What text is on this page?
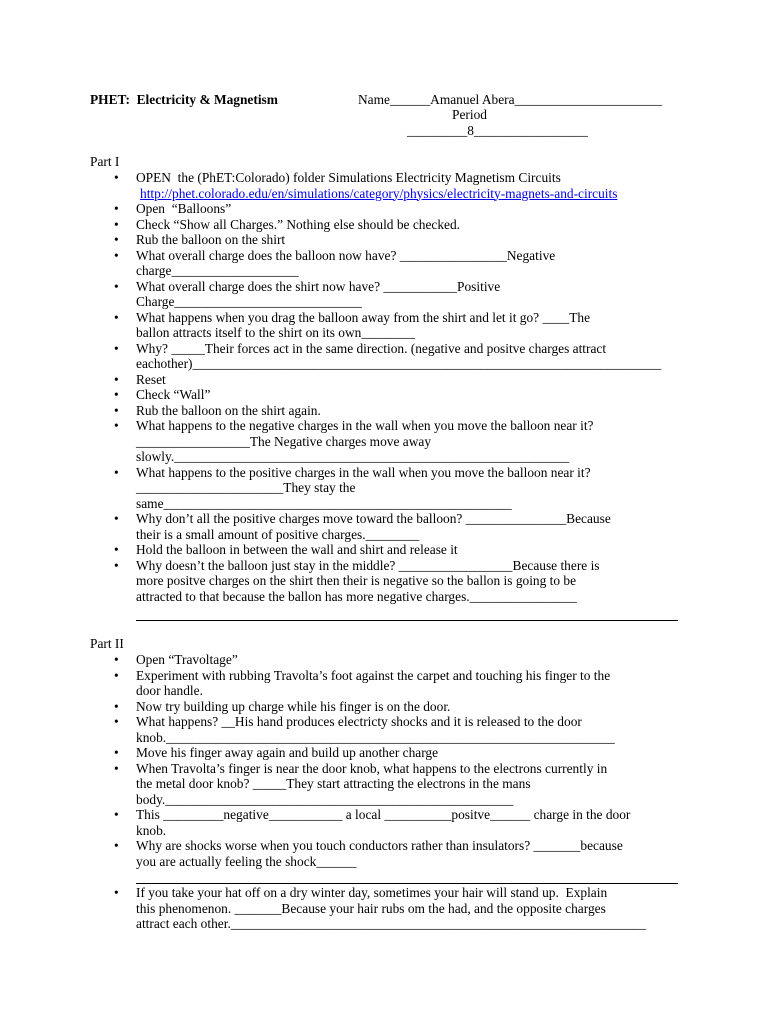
PHET:  Electricity & Magnetism	Name______Amanuel Abera______________________
Period
_________8_________________
Part I
• OPEN  the (PhET:Colorado) folder Simulations Electricity Magnetism Circuits
http://phet.colorado.edu/en/simulations/category/physics/electricity-magnets-and-circuits
• Open  “Balloons”
• Check “Show all Charges.” Nothing else should be checked.
• Rub the balloon on the shirt
• What overall charge does the balloon now have? ________________Negative
charge___________________
• What overall charge does the shirt now have? ___________Positive
Charge____________________________
• What happens when you drag the balloon away from the shirt and let it go? ____The
ballon attracts itself to the shirt on its own________
• Why? _____Their forces act in the same direction. (negative and positve charges attract
eachother)______________________________________________________________________
• Reset
• Check “Wall”
• Rub the balloon on the shirt again.
• What happens to the negative charges in the wall when you move the balloon near it?
_________________The Negative charges move away
slowly.___________________________________________________________
• What happens to the positive charges in the wall when you move the balloon near it?
______________________They stay the
same____________________________________________________
• Why don’t all the positive charges move toward the balloon? _______________Because
their is a small amount of positive charges.________
• Hold the balloon in between the wall and shirt and release it
• Why doesn’t the balloon just stay in the middle? _________________Because there is
more positve charges on the shirt then their is negative so the ballon is going to be
attracted to that because the ballon has more negative charges.________________
Part II
• Open “Travoltage”
• Experiment with rubbing Travolta’s foot against the carpet and touching his finger to the
door handle.
• Now try building up charge while his finger is on the door.
• What happens? __His hand produces electricty shocks and it is released to the door
knob.___________________________________________________________________
• Move his finger away again and build up another charge
• When Travolta’s finger is near the door knob, what happens to the electrons currently in
the metal door knob? _____They start attracting the electrons in the mans
body.____________________________________________________
• This _________negative___________ a local __________positve______ charge in the door
knob.
• Why are shocks worse when you touch conductors rather than insulators? _______because
you are actually feeling the shock______
• If you take your hat off on a dry winter day, sometimes your hair will stand up.  Explain
this phenomenon. _______Because your hair rubs om the had, and the opposite charges
attract each other.______________________________________________________________
